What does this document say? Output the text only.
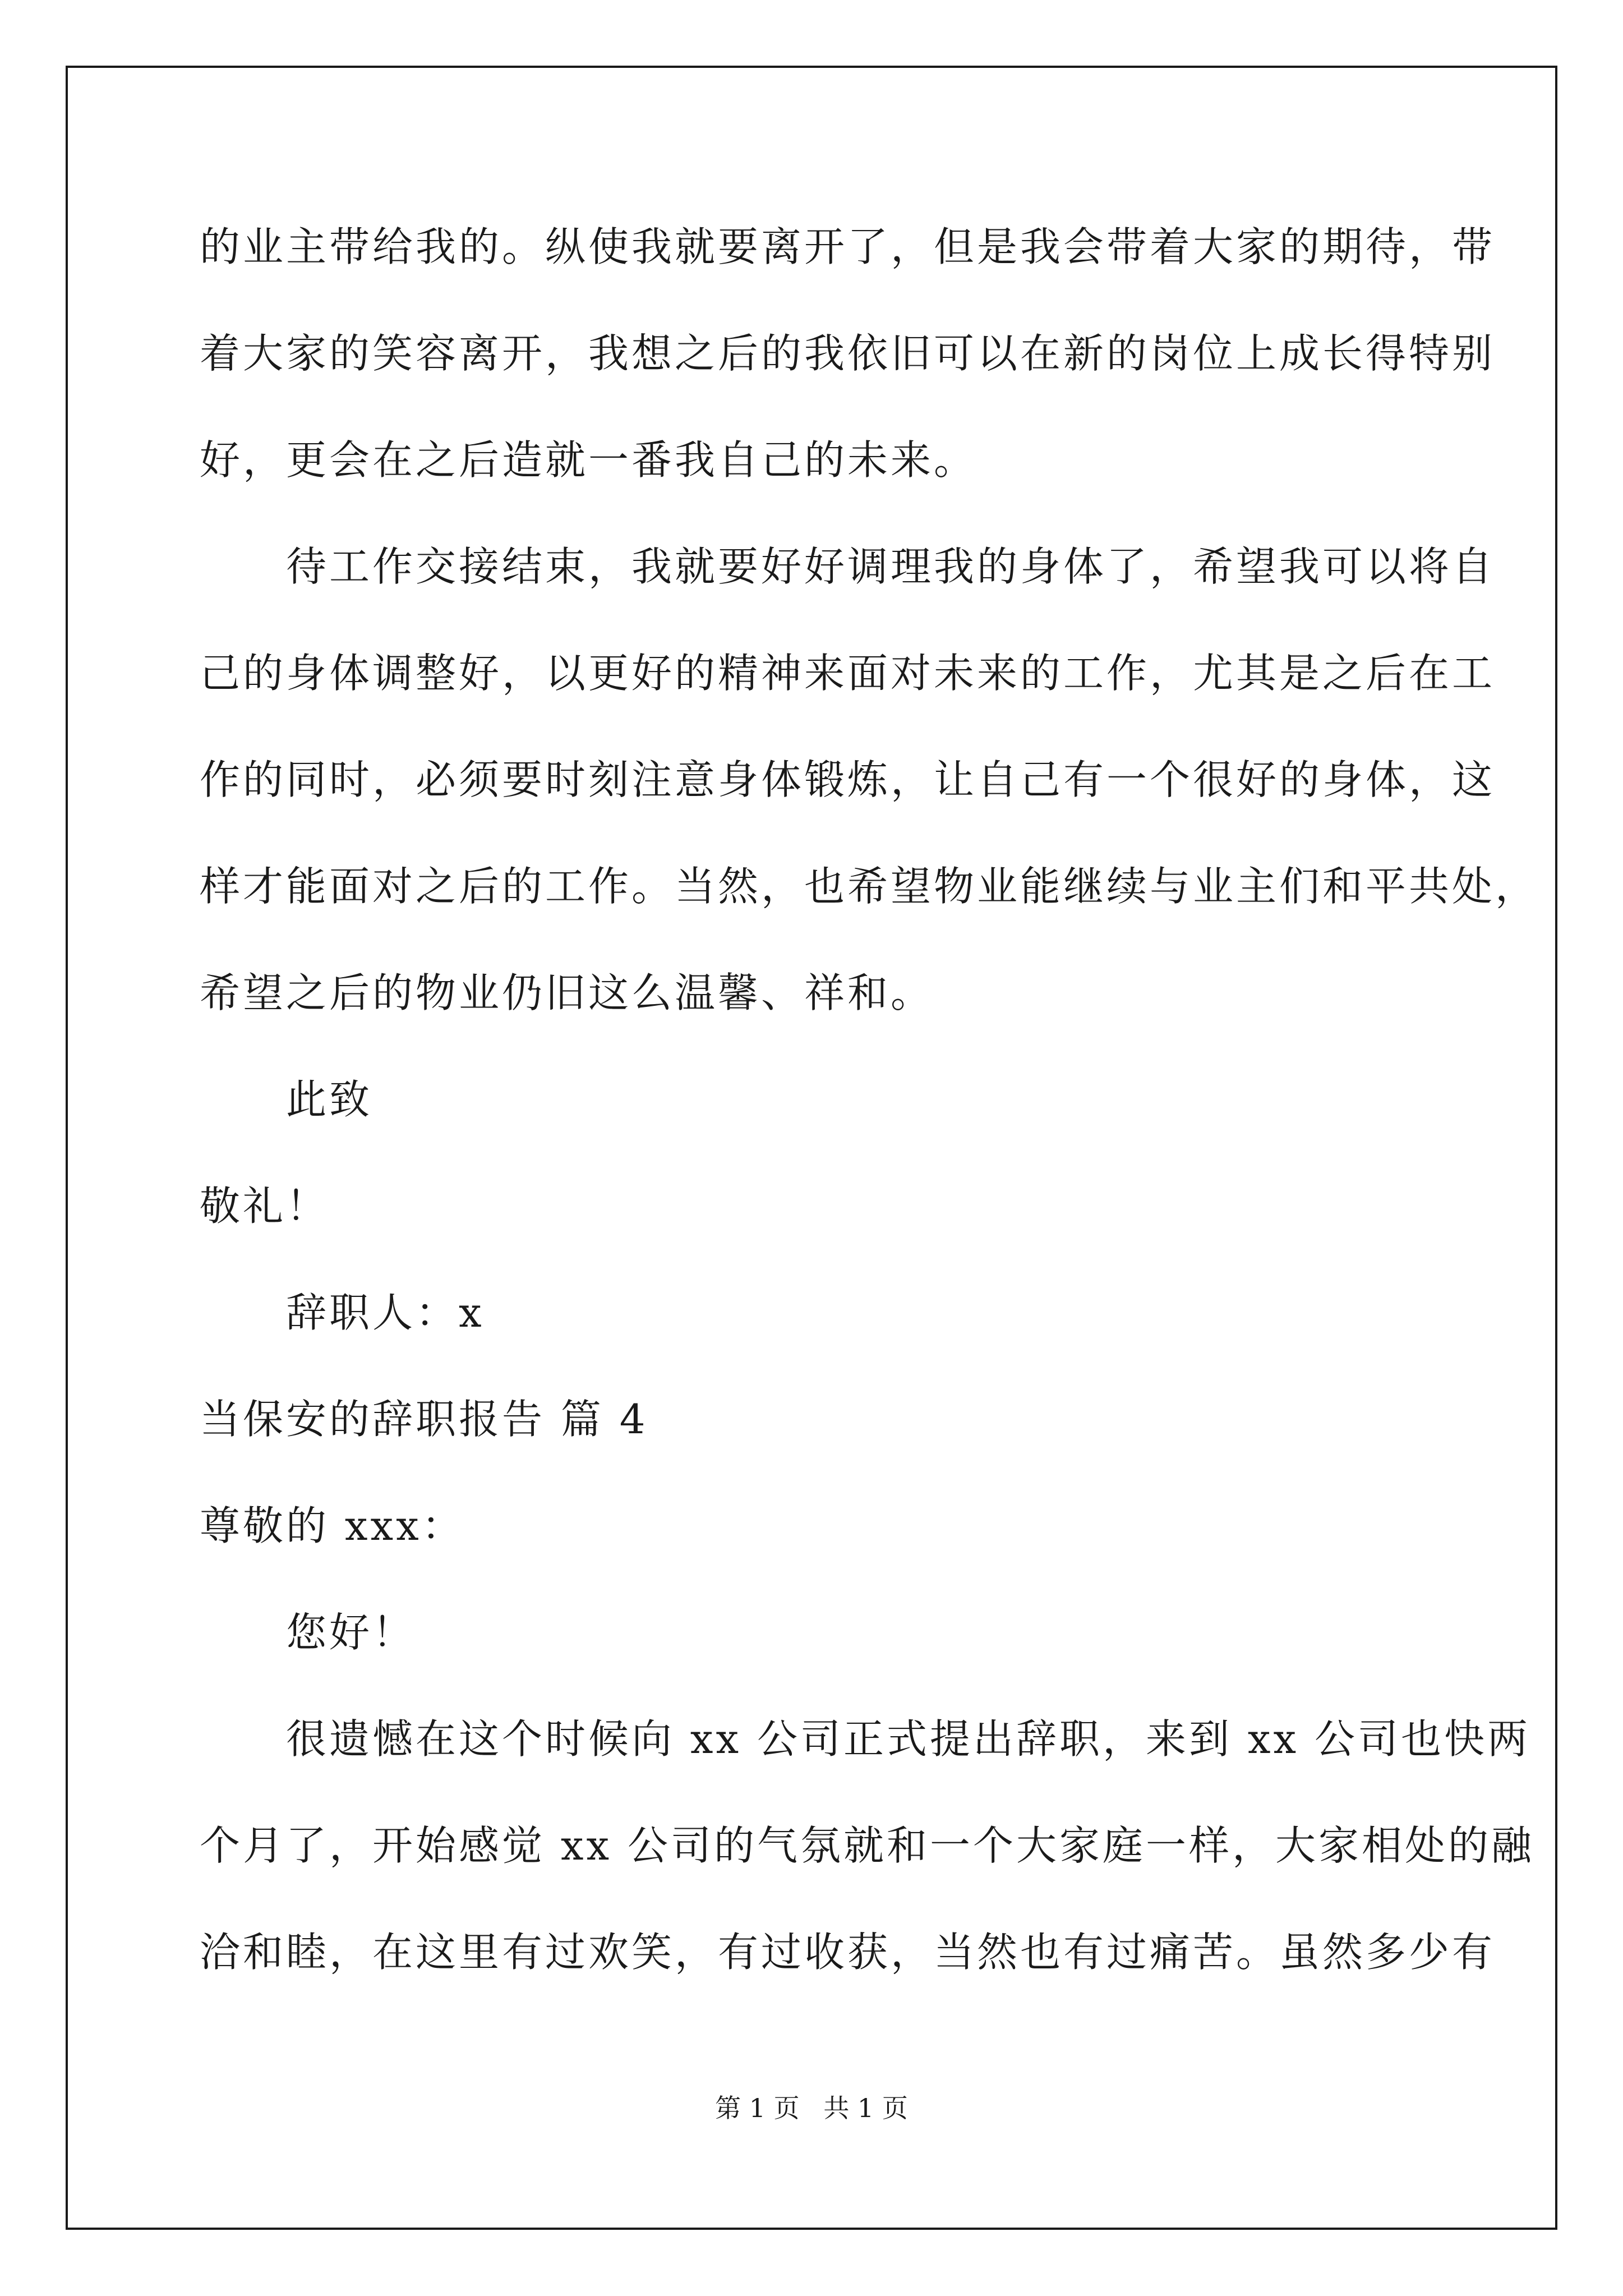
的业主带给我的。纵使我就要离开了，但是我会带着大家的期待，带
着大家的笑容离开，我想之后的我依旧可以在新的岗位上成长得特别
好，更会在之后造就一番我自己的未来。
　　待工作交接结束，我就要好好调理我的身体了，希望我可以将自
己的身体调整好，以更好的精神来面对未来的工作，尤其是之后在工
作的同时，必须要时刻注意身体锻炼，让自己有一个很好的身体，这
样才能面对之后的工作。当然，也希望物业能继续与业主们和平共处，
希望之后的物业仍旧这么温馨、祥和。
　　此致
敬礼！
　　辞职人：x
当保安的辞职报告 篇 4
尊敬的 xxx：
　　您好！
　　很遗憾在这个时候向 xx 公司正式提出辞职，来到 xx 公司也快两
个月了，开始感觉 xx 公司的气氛就和一个大家庭一样，大家相处的融
洽和睦，在这里有过欢笑，有过收获，当然也有过痛苦。虽然多少有
第 1 页 共 1 页
